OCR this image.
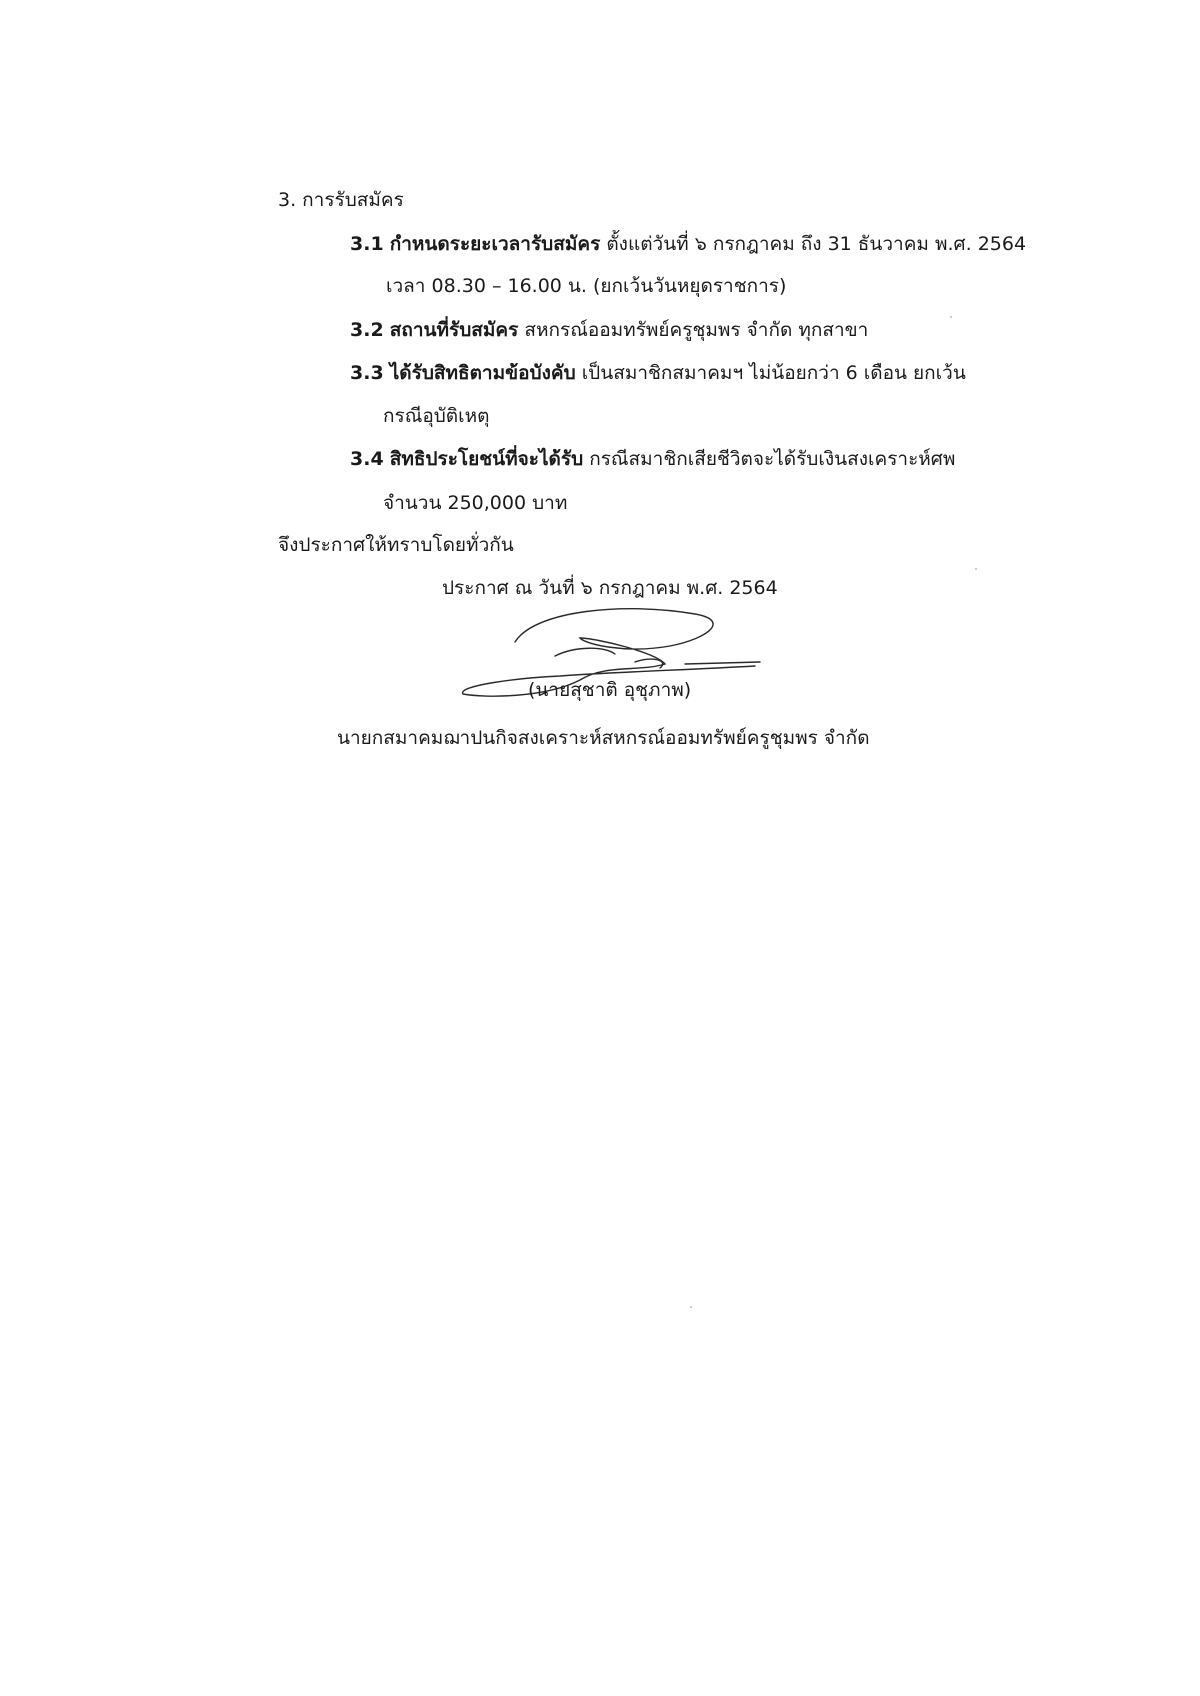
3. การรับสมัคร
3.1 กำหนดระยะเวลารับสมัคร ตั้งแต่วันที่ ๖ กรกฎาคม ถึง 31 ธันวาคม พ.ศ. 2564
เวลา 08.30 – 16.00 น. (ยกเว้นวันหยุดราชการ)
3.2 สถานที่รับสมัคร สหกรณ์ออมทรัพย์ครูชุมพร จำกัด ทุกสาขา
3.3 ได้รับสิทธิตามข้อบังคับ เป็นสมาชิกสมาคมฯ ไม่น้อยกว่า 6 เดือน ยกเว้น
กรณีอุบัติเหตุ
3.4 สิทธิประโยชน์ที่จะได้รับ กรณีสมาชิกเสียชีวิตจะได้รับเงินสงเคราะห์ศพ
จำนวน 250,000 บาท
จึงประกาศให้ทราบโดยทั่วกัน
ประกาศ ณ วันที่ ๖ กรกฎาคม พ.ศ. 2564
(นายสุชาติ อุชุภาพ)
นายกสมาคมฌาปนกิจสงเคราะห์สหกรณ์ออมทรัพย์ครูชุมพร จำกัด
